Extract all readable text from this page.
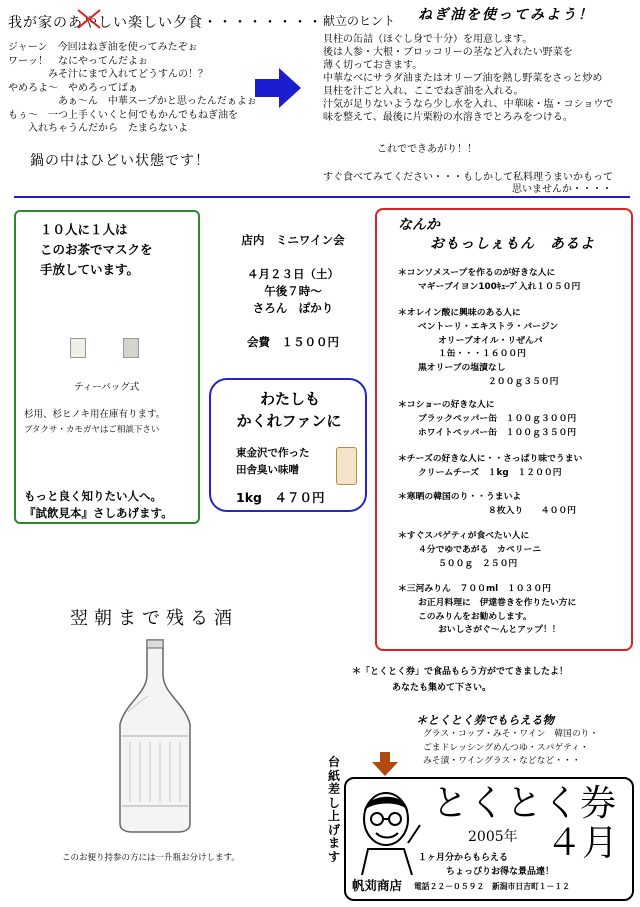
我が家のあやしい楽しい夕食・・・・・・・・
ジャーン　今回はねぎ油を使ってみたぞぉ
ワーッ！　なにやってんだよぉ
　　　　みそ汁にまで入れてどうすんの！？
やめろよ～　やめろってばぁ
　　　　　あぁ～ん　中華スープかと思ったんだぁよぉ
もぅ～　一つ上手くいくと何でもかんでもねぎ油を
　　入れちゃうんだから　たまらないよ
鍋の中はひどい状態です！
献立のヒント ねぎ油を使ってみよう！
貝柱の缶詰（ほぐし身で十分）を用意します。
後は人参・大根・ブロッコリーの茎など入れたい野菜を
薄く切っておきます。
中華なべにサラダ油またはオリーブ油を熱し野菜をさっと炒め
貝柱を汁ごと入れ、ここでねぎ油を入れる。
汁気が足りないようなら少し水を入れ、中華味・塩・コショウで
味を整えて、最後に片栗粉の水溶きでとろみをつける。
これでできあがり！！
すぐ食べてみてください・・・もしかして私料理うまいかもって
思いませんか・・・・
１０人に１人は
このお茶でマスクを
手放しています。
ティーバッグ式
杉用、杉ヒノキ用在庫有ります。
ブタクサ・カモガヤはご相談下さい
もっと良く知りたい人へ。
『試飲見本』さしあげます。
店内　ミニワイン会
４月２３日（土）
午後７時～
さろん　ぽかり
会費　１５００円
わたしも
かくれファンに
東金沢で作った
田舎臭い味噌
1kg　４７０円
なんか
おもっしぇもん　あるよ
＊コンソメスープを作るのが好きな人に
マギーブイヨン100ｷｭｰﾌﾞ入れ１０５０円
＊オレイン酸に興味のある人に
ベントーリ・エキストラ・バージン
オリーブオイル・リぜんパ
１缶・・・１６００円
黒オリーブの塩漬なし
２００ｇ３５０円
＊コショーの好きな人に
ブラックペッパー缶　１００ｇ３００円
ホワイトペッパー缶　１００ｇ３５０円
＊チーズの好きな人に・・さっぱり味でうまい
クリームチーズ　１kg　１２００円
＊寒晒の韓国のり・・うまいよ
８枚入り　　４００円
＊すぐスパゲティが食べたい人に
４分でゆであがる　カペリーニ
５００ｇ　２５０円
＊三河みりん　７００ml　１０３０円
お正月料理に　伊達巻きを作りたい方に
このみりんをお勧めします。
おいしさがぐ～んとアップ！！
翌朝まで残る酒
このお便り持参の方には一升瓶お分けします。
＊「とくとく券」で食品もらう方がでてきましたよ！
あなたも集めて下さい。
＊とくとく券でもらえる物
グラス・コップ・みそ・ワイン　韓国のり・
ごまドレッシングめんつゆ・スパゲティ・
みそ漬・ワイングラス・などなど・・・
台
紙
差
し
上
げ
ま
す
とくとく券
2005年 ４月
１ヶ月分からもらえる
ちょっぴりお得な景品達！
帆苅商店 電話２２－０５９２　新潟市日吉町１－１２
